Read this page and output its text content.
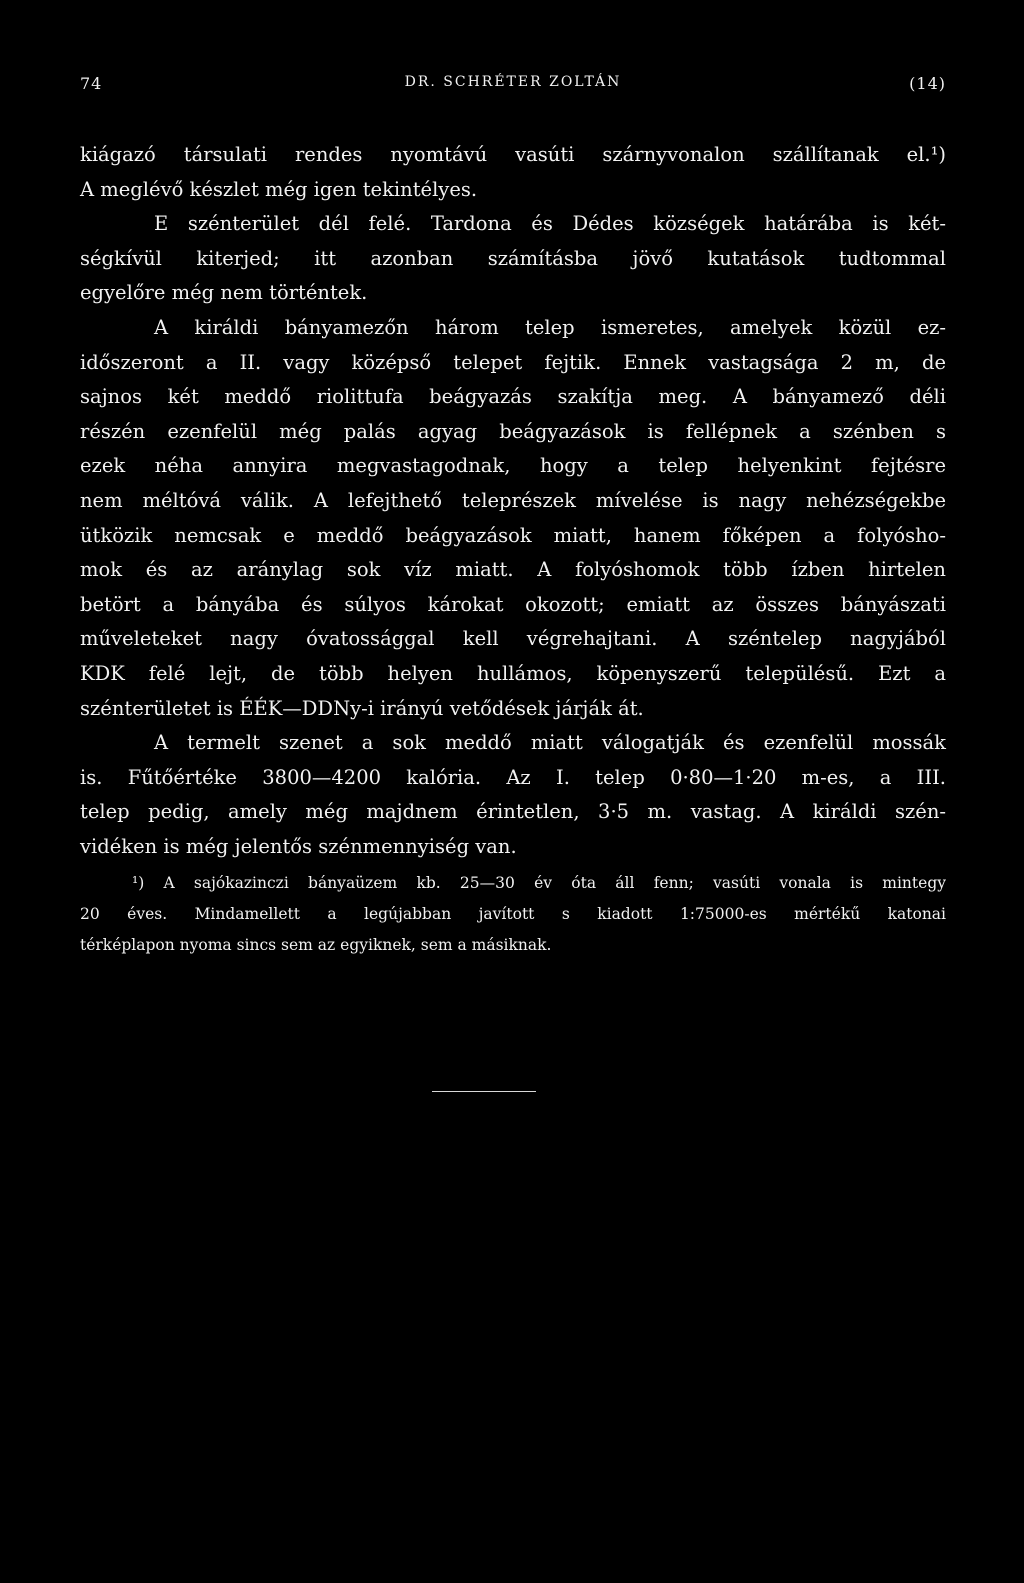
74	DR. SCHRÉTER ZOLTÁN	(14)
kiágazó társulati rendes nyomtávú vasúti szárnyvonalon szállítanak el.¹)
A meglévő készlet még igen tekintélyes.
E szénterület dél felé. Tardona és Dédes községek határába is két-
ségkívül kiterjed; itt azonban számításba jövő kutatások tudtommal
egyelőre még nem történtek.
A királdi bányamezőn három telep ismeretes, amelyek közül ez-
időszeront a II. vagy középső telepet fejtik. Ennek vastagsága 2 m, de
sajnos két meddő riolittufa beágyazás szakítja meg. A bányamező déli
részén ezenfelül még palás agyag beágyazások is fellépnek a szénben s
ezek néha annyira megvastagodnak, hogy a telep helyenkint fejtésre
nem méltóvá válik. A lefejthető teleprészek mívelése is nagy nehézségekbe
ütközik nemcsak e meddő beágyazások miatt, hanem főképen a folyósho-
mok és az aránylag sok víz miatt. A folyóshomok több ízben hirtelen
betört a bányába és súlyos károkat okozott; emiatt az összes bányászati
műveleteket nagy óvatossággal kell végrehajtani. A széntelep nagyjából
KDK felé lejt, de több helyen hullámos, köpenyszerű településű. Ezt a
szénterületet is ÉÉK—DDNy-i irányú vetődések járják át.
A termelt szenet a sok meddő miatt válogatják és ezenfelül mossák
is. Fűtőértéke 3800—4200 kalória. Az I. telep 0·80—1·20 m-es, a III.
telep pedig, amely még majdnem érintetlen, 3·5 m. vastag. A királdi szén-
vidéken is még jelentős szénmennyiség van.
¹) A sajókazinczi bányaüzem kb. 25—30 év óta áll fenn; vasúti vonala is mintegy
20 éves. Mindamellett a legújabban javított s kiadott 1:75000-es mértékű katonai
térképlapon nyoma sincs sem az egyiknek, sem a másiknak.
